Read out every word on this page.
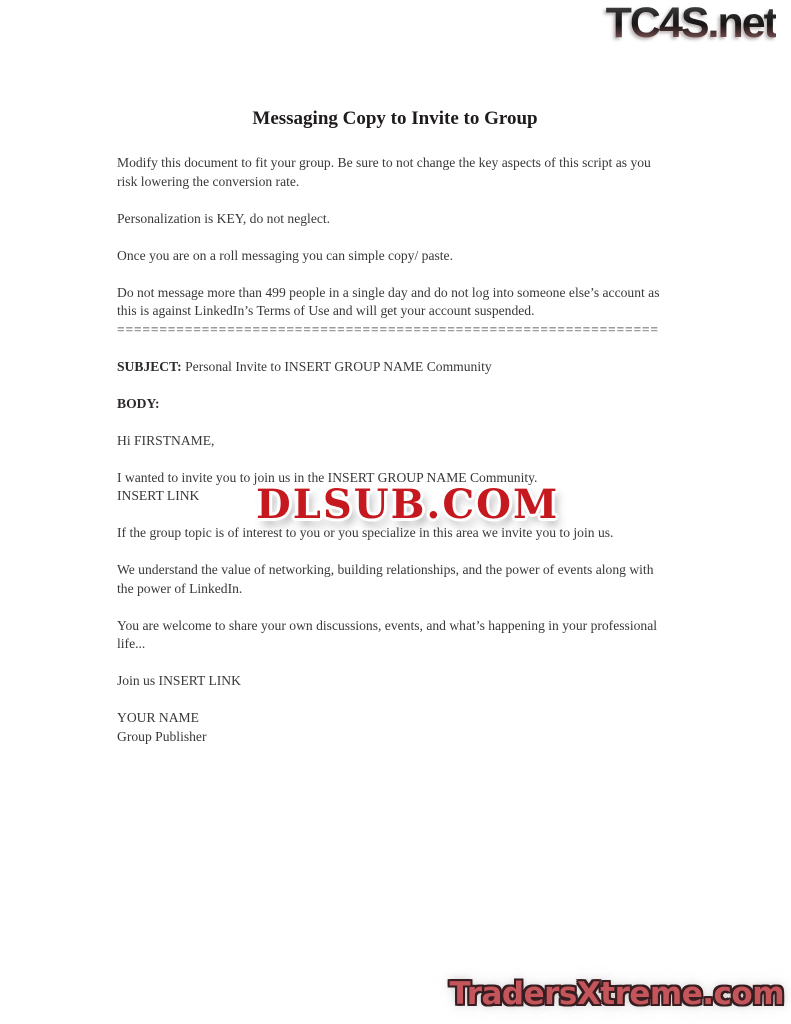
TC4S.net
Messaging Copy to Invite to Group

Modify this document to fit your group. Be sure to not change the key aspects of this script as you risk lowering the conversion rate.

Personalization is KEY, do not neglect.

Once you are on a roll messaging you can simple copy/ paste.

Do not message more than 499 people in a single day and do not log into someone else’s account as this is against LinkedIn’s Terms of Use and will get your account suspended.

================================================================

SUBJECT: Personal Invite to INSERT GROUP NAME Community

BODY:

Hi FIRSTNAME,

I wanted to invite you to join us in the INSERT GROUP NAME Community.
INSERT LINK

If the group topic is of interest to you or you specialize in this area we invite you to join us.

We understand the value of networking, building relationships, and the power of events along with the power of LinkedIn.

You are welcome to share your own discussions, events, and what’s happening in your professional life...

Join us INSERT LINK

YOUR NAME
Group Publisher

DLSUB.COM
TradersXtreme.com
